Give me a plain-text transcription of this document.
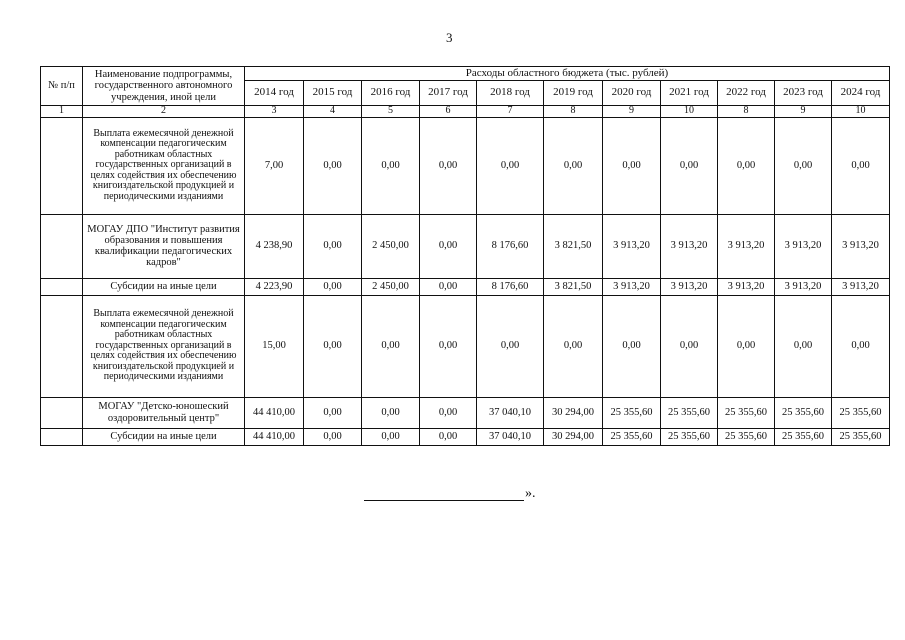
3
№ п/п	Наименование подпрограммы, государственного автономного учреждения, иной цели	Расходы областного бюджета (тыс. рублей)										
		2014 год	2015 год	2016 год	2017 год	2018 год	2019 год	2020 год	2021 год	2022 год	2023 год	2024 год
1	2	3	4	5	6	7	8	9	10	8	9	10
	Выплата ежемесячной денежной компенсации педагогическим работникам областных государственных организаций в целях содействия их обеспечению книгоиздательской продукцией и периодическими изданиями	7,00	0,00	0,00	0,00	0,00	0,00	0,00	0,00	0,00	0,00	0,00
	МОГАУ ДПО "Институт развития образования и повышения квалификации педагогических кадров"	4 238,90	0,00	2 450,00	0,00	8 176,60	3 821,50	3 913,20	3 913,20	3 913,20	3 913,20	3 913,20
	Субсидии на иные цели	4 223,90	0,00	2 450,00	0,00	8 176,60	3 821,50	3 913,20	3 913,20	3 913,20	3 913,20	3 913,20
	Выплата ежемесячной денежной компенсации педагогическим работникам областных государственных организаций в целях содействия их обеспечению книгоиздательской продукцией и периодическими изданиями	15,00	0,00	0,00	0,00	0,00	0,00	0,00	0,00	0,00	0,00	0,00
	МОГАУ "Детско-юношеский оздоровительный центр"	44 410,00	0,00	0,00	0,00	37 040,10	30 294,00	25 355,60	25 355,60	25 355,60	25 355,60	25 355,60
	Субсидии на иные цели	44 410,00	0,00	0,00	0,00	37 040,10	30 294,00	25 355,60	25 355,60	25 355,60	25 355,60	25 355,60
».
